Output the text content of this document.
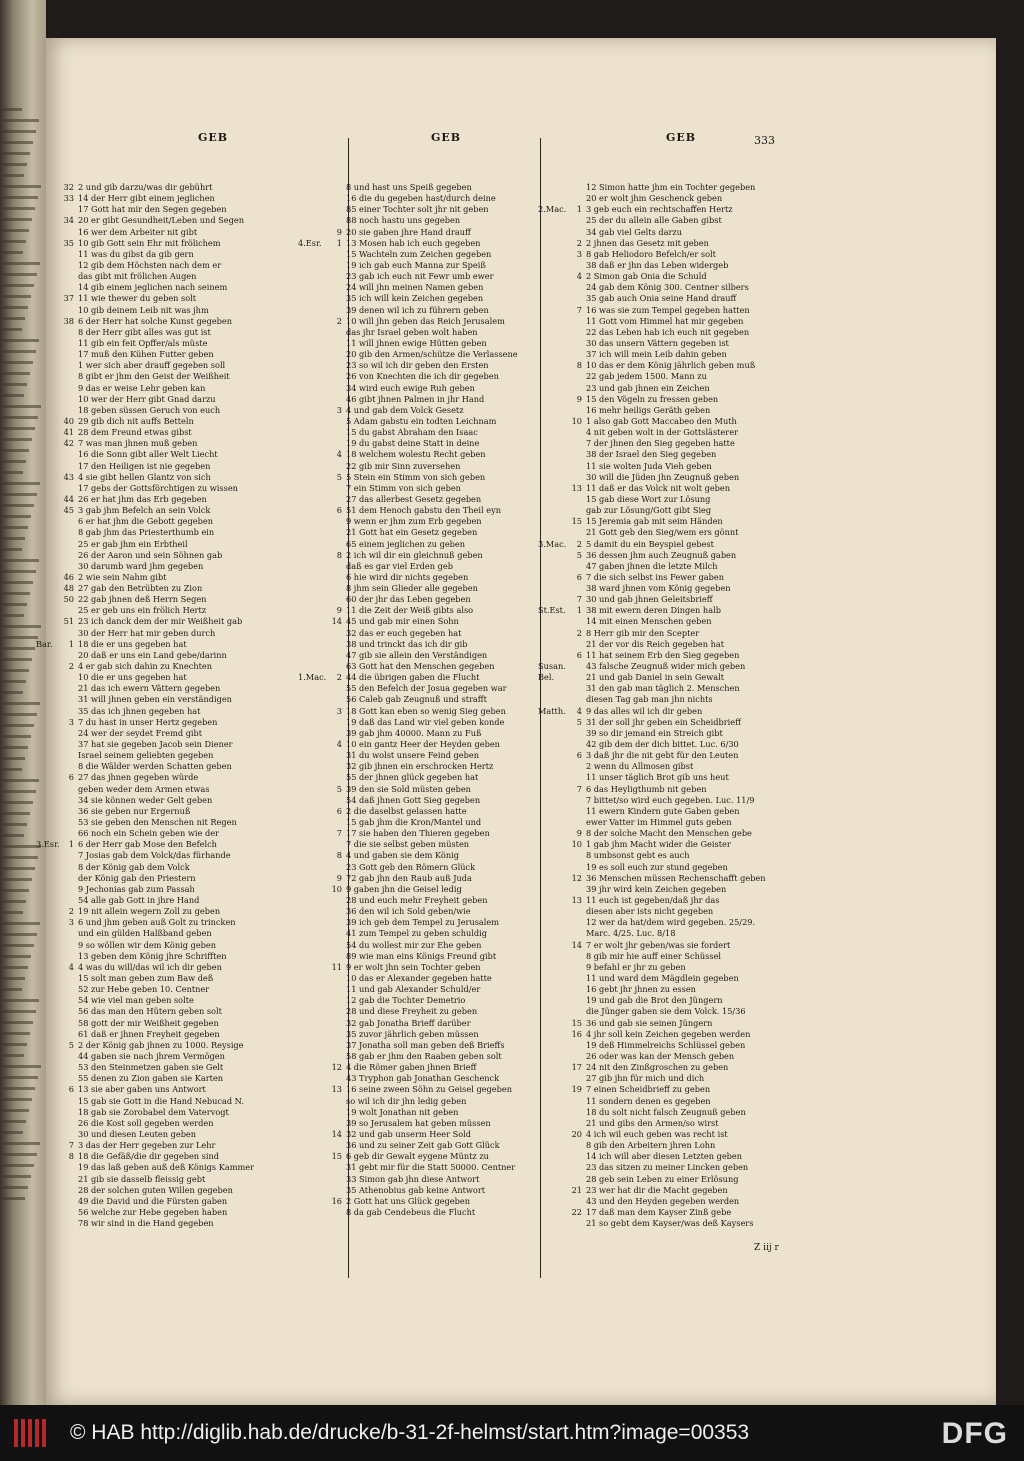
GEB	GEB	GEB	333
32 2 und gib darzu/was dir gebührt
33 14 der Herr gibt einem jeglichen
17 Gott hat mir den Segen gegeben
34 20 er gibt Gesundheit/Leben und Segen
16 wer dem Arbeiter nit gibt
35 10 gib Gott sein Ehr mit frölichem
11 was du gibst da gib gern
12 gib dem Höchsten nach dem er
das gibt mit frölichen Augen
14 gib einem jeglichen nach seinem
37 11 wie thewer du geben solt
10 gib deinem Leib nit was jhm
38 6 der Herr hat solche Kunst gegeben
8 der Herr gibt alles was gut ist
11 gib ein feit Opffer/als müste
17 muß den Kühen Futter geben
1 wer sich aber drauff gegeben soll
8 gibt er jhm den Geist der Weißheit
9 das er weise Lehr geben kan
10 wer der Herr gibt Gnad darzu
18 geben süssen Geruch von euch
40 29 gib dich nit auffs Betteln
41 28 dem Freund etwas gibst
42 7 was man jhnen muß geben
16 die Sonn gibt aller Welt Liecht
17 den Heiligen ist nie gegeben
43 4 sie gibt hellen Glantz von sich
17 gebs der Gottsförchtigen zu wissen
44 26 er hat jhm das Erb gegeben
45 3 gab jhm Befelch an sein Volck
6 er hat jhm die Gebott gegeben
8 gab jhm das Priesterthumb ein
25 er gab jhm ein Erbtheil
26 der Aaron und sein Söhnen gab
30 darumb ward jhm gegeben
46 2 wie sein Nahm gibt
48 27 gab den Betrübten zu Zion
50 22 gab jhnen deß Herrn Segen
25 er geb uns ein frölich Hertz
51 23 ich danck dem der mir Weißheit gab
30 der Herr hat mir geben durch
Bar.	1 18 die er uns gegeben hat
20 daß er uns ein Land gebe/darinn
2 4 er gab sich dahin zu Knechten
10 die er uns gegeben hat
21 das ich ewern Vättern gegeben
31 will jhnen geben ein verständigen
35 das ich jhnen gegeben hat
3 7 du hast in unser Hertz gegeben
24 wer der seydet Fremd gibt
37 hat sie gegeben Jacob sein Diener
Israel seinem geliebten gegeben
8 die Wälder werden Schatten geben
6 27 das jhnen gegeben würde
geben weder dem Armen etwas
34 sie können weder Gelt geben
36 sie geben nur Ergernuß
53 sie geben den Menschen nit Regen
66 noch ein Schein geben wie der
3.Esr.	1 6 der Herr gab Mose den Befelch
7 Josias gab dem Volck/das fürhande
8 der König gab dem Volck
der König gab den Priestern
9 Jechonias gab zum Passah
54 alle gab Gott in jhre Hand
2 19 nit allein wegern Zoll zu geben
3 6 und jhm geben auß Golt zu trincken
und ein gülden Halßband geben
9 so wöllen wir dem König geben
13 geben dem König jhre Schrifften
4 4 was du will/das wil ich dir geben
15 solt man geben zum Baw deß
52 zur Hebe geben 10. Centner
54 wie viel man geben solte
56 das man den Hütern geben solt
58 gott der mir Weißheit gegeben
61 daß er jhnen Freyheit gegeben
5 2 der König gab jhnen zu 1000. Reysige
44 gaben sie nach jhrem Vermögen
53 den Steinmetzen gaben sie Gelt
55 denen zu Zion gaben sie Karten
6 13 sie aber gaben uns Antwort
15 gab sie Gott in die Hand Nebucad N.
18 gab sie Zorobabel dem Vatervogt
26 die Kost soll gegeben werden
30 und diesen Leuten geben
7 3 das der Herr gegeben zur Lehr
8 18 die Gefäß/die dir gegeben sind
19 das laß geben auß deß Königs Kammer
21 gib sie dasselb fleissig gebt
28 der solchen guten Willen gegeben
49 die David und die Fürsten gaben
56 welche zur Hebe gegeben haben
78 wir sind in die Hand gegeben
8 und hast uns Speiß gegeben
16 die du gegeben hast/durch deine
85 einer Tochter solt jhr nit geben
88 noch hastu uns gegeben
9 20 sie gaben jhre Hand drauff
4.Esr.	1 13 Mosen hab ich euch gegeben
15 Wachteln zum Zeichen gegeben
19 ich gab euch Manna zur Speiß
23 gab ich euch nit Fewr umb ewer
24 will jhn meinen Namen geben
35 ich will kein Zeichen gegeben
39 denen wil ich zu führern geben
2 10 will jhn geben das Reich Jerusalem
das jhr Israel geben wolt haben
11 will jhnen ewige Hütten geben
20 gib den Armen/schütze die Verlassene
23 so wil ich dir geben den Ersten
26 von Knechten die ich dir gegeben
34 wird euch ewige Ruh geben
46 gibt jhnen Palmen in jhr Hand
3 4 und gab dem Volck Gesetz
5 Adam gabstu ein todten Leichnam
15 du gabst Abraham den Isaac
19 du gabst deine Statt in deine
4 18 welchem wolestu Recht geben
22 gib mir Sinn zuversehen
5 5 Stein ein Stimm von sich geben
7 ein Stimm von sich geben
27 das allerbest Gesetz gegeben
6 51 dem Henoch gabstu den Theil eyn
9 wenn er jhm zum Erb gegeben
21 Gott hat ein Gesetz gegeben
65 einem jeglichen zu geben
8 2 ich wil dir ein gleichnuß geben
daß es gar viel Erden geb
6 hie wird dir nichts gegeben
8 jhm sein Glieder alle gegeben
60 der jhr das Leben gegeben
9 11 die Zeit der Weiß gibts also
14 45 und gab mir einen Sohn
32 das er euch gegeben hat
38 und trinckt das ich dir gib
47 gib sie allein den Verständigen
63 Gott hat den Menschen gegeben
1.Mac.	2 44 die übrigen gaben die Flucht
55 den Befelch der Josua gegeben war
56 Caleb gab Zeugnuß und strafft
3 18 Gott kan eben so wenig Sieg geben
19 daß das Land wir viel geben konde
39 gab jhm 40000. Mann zu Fuß
4 10 ein gantz Heer der Heyden geben
31 du wolst unsere Feind geben
32 gib jhnen ein erschrocken Hertz
55 der jhnen glück gegeben hat
5 39 den sie Sold müsten geben
54 daß jhnen Gott Sieg gegeben
6 2 die daselbst gelassen hatte
15 gab jhm die Kron/Mantel und
7 17 sie haben den Thieren gegeben
7 die sie selbst geben müsten
8 4 und gaben sie dem König
23 Gott geb den Römern Glück
9 72 gab jhn den Raub auß Juda
10 9 gaben jhn die Geisel ledig
28 und euch mehr Freyheit geben
36 den wil ich Sold geben/wie
39 ich geb dem Tempel zu Jerusalem
41 zum Tempel zu geben schuldig
54 du wollest mir zur Ehe geben
89 wie man eins Königs Freund gibt
11 9 er wolt jhn sein Tochter geben
10 das er Alexander gegeben hatte
11 und gab Alexander Schuld/er
12 gab die Tochter Demetrio
28 und diese Freyheit zu geben
32 gab Jonatha Brieff darüber
35 zuvor jährlich geben müssen
37 Jonatha soll man geben deß Brieffs
58 gab er jhm den Raaben geben solt
12 4 die Römer gaben jhnen Brieff
43 Tryphon gab Jonathan Geschenck
13 16 seine zween Söhn zu Geisel gegeben
so wil ich dir jhn ledig geben
19 wolt Jonathan nit geben
39 so Jerusalem hat geben müssen
14 32 und gab unserm Heer Sold
36 und zu seiner Zeit gab Gott Glück
15 6 geb dir Gewalt eygene Müntz zu
31 gebt mir für die Statt 50000. Centner
33 Simon gab jhn diese Antwort
35 Athenobius gab keine Antwort
16 2 Gott hat uns Glück gegeben
8 da gab Cendebeus die Flucht
12 Simon hatte jhm ein Tochter gegeben
20 er wolt jhm Geschenck geben
2.Mac.	1 3 geb euch ein rechtschaffen Hertz
25 der du allein alle Gaben gibst
34 gab viel Gelts darzu
2 2 jhnen das Gesetz mit geben
3 8 gab Heliodoro Befelch/er solt
38 daß er jhn das Leben widergeb
4 2 Simon gab Onia die Schuld
24 gab dem König 300. Centner silbers
35 gab auch Onia seine Hand drauff
7 16 was sie zum Tempel gegeben hatten
11 Gott vom Himmel hat mir gegeben
22 das Leben hab ich euch nit gegeben
30 das unsern Vättern gegeben ist
37 ich will mein Leib dahin geben
8 10 das er dem König jährlich geben muß
22 gab jedem 1500. Mann zu
23 und gab jhnen ein Zeichen
9 15 den Vögeln zu fressen geben
16 mehr heiligs Geräth geben
10 1 also gab Gott Maccabeo den Muth
4 nit geben wolt in der Gottslästerer
7 der jhnen den Sieg gegeben hatte
38 der Israel den Sieg gegeben
11 sie wolten Juda Vieh geben
30 will die Jüden jhn Zeugnuß geben
13 11 daß er das Volck nit wolt geben
15 gab diese Wort zur Lösung
gab zur Lösung/Gott gibt Sieg
15 15 Jeremia gab mit seim Händen
21 Gott geb den Sieg/wem ers gönnt
3.Mac.	2 5 damit du ein Beyspiel gebest
5 36 dessen jhm auch Zeugnuß gaben
47 gaben jhnen die letzte Milch
6 7 die sich selbst ins Fewer gaben
38 ward jhnen vom König gegeben
7 30 und gab jhnen Geleitsbrieff
St.Est.	1 38 mit ewern deren Dingen halb
14 mit einen Menschen geben
2 8 Herr gib mir den Scepter
21 der vor dis Reich gegeben hat
6 11 hat seinem Erb den Sieg gegeben
Susan.	43 falsche Zeugnuß wider mich geben
Bel.	21 und gab Daniel in sein Gewalt
31 den gab man täglich 2. Menschen
diesen Tag gab man jhn nichts
Matth.	4 9 das alles wil ich dir geben
5 31 der soll jhr geben ein Scheidbrieff
39 so dir jemand ein Streich gibt
42 gib dem der dich bittet. Luc. 6/30
6 3 daß jhr die nit gebt für den Leuten
2 wenn du Allmosen gibst
11 unser täglich Brot gib uns heut
7 6 das Heyligthumb nit geben
7 bittet/so wird euch gegeben. Luc. 11/9
11 ewern Kindern gute Gaben geben
ewer Vatter im Himmel guts geben
9 8 der solche Macht den Menschen gebe
10 1 gab jhm Macht wider die Geister
8 umbsonst gebt es auch
19 es soll euch zur stund gegeben
12 36 Menschen müssen Rechenschafft geben
39 jhr wird kein Zeichen gegeben
13 11 euch ist gegeben/daß jhr das
diesen aber ists nicht gegeben
12 wer da hat/dem wird gegeben. 25/29.
Marc. 4/25. Luc. 8/18
14 7 er wolt jhr geben/was sie fordert
8 gib mir hie auff einer Schüssel
9 befahl er jhr zu geben
11 und ward dem Mägdlein gegeben
16 gebt jhr jhnen zu essen
19 und gab die Brot den Jüngern
die Jünger gaben sie dem Volck. 15/36
15 36 und gab sie seinen Jüngern
16 4 jhr soll kein Zeichen gegeben werden
19 deß Himmelreichs Schlüssel geben
26 oder was kan der Mensch geben
17 24 nit den Zinßgroschen zu geben
27 gib jhn für mich und dich
19 7 einen Scheidbrieff zu geben
11 sondern denen es gegeben
18 du solt nicht falsch Zeugnuß geben
21 und gibs den Armen/so wirst
20 4 ich wil euch geben was recht ist
8 gib den Arbeitern jhren Lohn
14 ich will aber diesen Letzten geben
23 das sitzen zu meiner Lincken geben
28 geb sein Leben zu einer Erlösung
21 23 wer hat dir die Macht gegeben
43 und den Heyden gegeben werden
22 17 daß man dem Kayser Zinß gebe
21 so gebt dem Kayser/was deß Kaysers
Z iij r
© HAB http://diglib.hab.de/drucke/b-31-2f-helmst/start.htm?image=00353	DFG
